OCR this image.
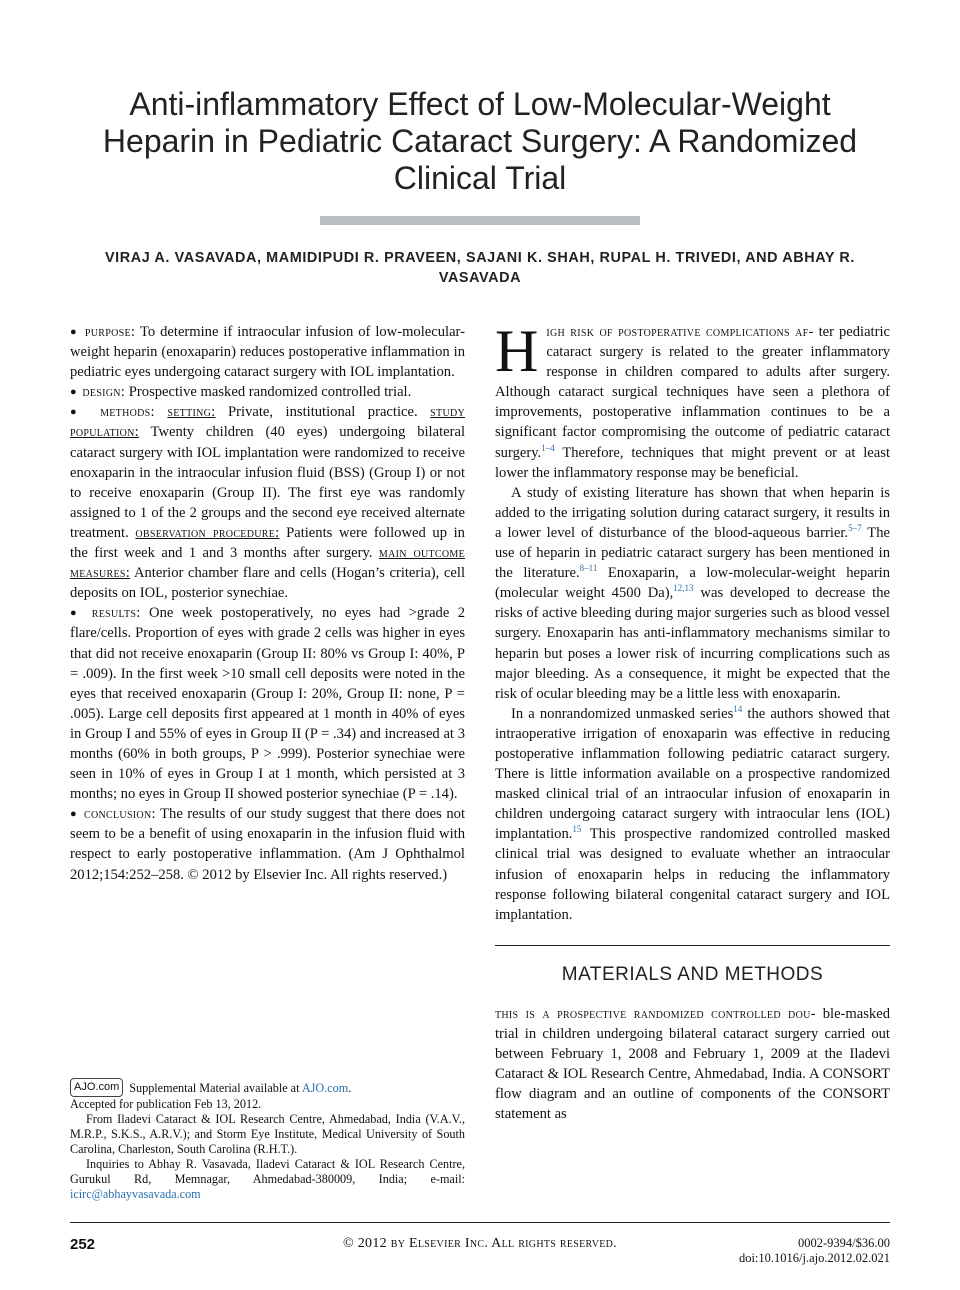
Anti-inflammatory Effect of Low-Molecular-Weight Heparin in Pediatric Cataract Surgery: A Randomized Clinical Trial
VIRAJ A. VASAVADA, MAMIDIPUDI R. PRAVEEN, SAJANI K. SHAH, RUPAL H. TRIVEDI, AND ABHAY R. VASAVADA

● purpose: To determine if intraocular infusion of low-molecular-weight heparin (enoxaparin) reduces postoperative inflammation in pediatric eyes undergoing cataract surgery with IOL implantation.

● design: Prospective masked randomized controlled trial.

● methods: setting: Private, institutional practice. study population: Twenty children (40 eyes) undergoing bilateral cataract surgery with IOL implantation were randomized to receive enoxaparin in the intraocular infusion fluid (BSS) (Group I) or not to receive enoxaparin (Group II). The first eye was randomly assigned to 1 of the 2 groups and the second eye received alternate treatment. observation procedure: Patients were followed up in the first week and 1 and 3 months after surgery. main outcome measures: Anterior chamber flare and cells (Hogan’s criteria), cell deposits on IOL, posterior synechiae.

● results: One week postoperatively, no eyes had >grade 2 flare/cells. Proportion of eyes with grade 2 cells was higher in eyes that did not receive enoxaparin (Group II: 80% vs Group I: 40%, P = .009). In the first week >10 small cell deposits were noted in the eyes that received enoxaparin (Group I: 20%, Group II: none, P = .005). Large cell deposits first appeared at 1 month in 40% of eyes in Group I and 55% of eyes in Group II (P = .34) and increased at 3 months (60% in both groups, P > .999). Posterior synechiae were seen in 10% of eyes in Group I at 1 month, which persisted at 3 months; no eyes in Group II showed posterior synechiae (P = .14).

● conclusion: The results of our study suggest that there does not seem to be a benefit of using enoxaparin in the infusion fluid with respect to early postoperative inflammation. (Am J Ophthalmol 2012;154:252–258. © 2012 by Elsevier Inc. All rights reserved.)

AJO.com Supplemental Material available at AJO.com.

Accepted for publication Feb 13, 2012.

From Iladevi Cataract & IOL Research Centre, Ahmedabad, India (V.A.V., M.R.P., S.K.S., A.R.V.); and Storm Eye Institute, Medical University of South Carolina, Charleston, South Carolina (R.H.T.).

Inquiries to Abhay R. Vasavada, Iladevi Cataract & IOL Research Centre, Gurukul Rd, Memnagar, Ahmedabad-380009, India; e-mail: icirc@abhayvasavada.com

High risk of postoperative complications af- ter pediatric cataract surgery is related to the greater inflammatory response in children compared to adults after surgery. Although cataract surgical techniques have seen a plethora of improvements, postoperative inflammation continues to be a significant factor compromising the outcome of pediatric cataract surgery.$^{1-4}$ Therefore, techniques that might prevent or at least lower the inflammatory response may be beneficial.

A study of existing literature has shown that when heparin is added to the irrigating solution during cataract surgery, it results in a lower level of disturbance of the blood-aqueous barrier.$^{5-7}$ The use of heparin in pediatric cataract surgery has been mentioned in the literature.$^{8-11}$ Enoxaparin, a low-molecular-weight heparin (molecular weight 4500 Da),$^{12,13}$ was developed to decrease the risks of active bleeding during major surgeries such as blood vessel surgery. Enoxaparin has anti-inflammatory mechanisms similar to heparin but poses a lower risk of incurring complications such as major bleeding. As a consequence, it might be expected that the risk of ocular bleeding may be a little less with enoxaparin.

In a nonrandomized unmasked series$^{14}$ the authors showed that intraoperative irrigation of enoxaparin was effective in reducing postoperative inflammation following pediatric cataract surgery. There is little information available on a prospective randomized masked clinical trial of an intraocular infusion of enoxaparin in children undergoing cataract surgery with intraocular lens (IOL) implantation.$^{15}$ This prospective randomized controlled masked clinical trial was designed to evaluate whether an intraocular infusion of enoxaparin helps in reducing the inflammatory response following bilateral congenital cataract surgery and IOL implantation.

MATERIALS AND METHODS

this is a prospective randomized controlled dou- ble-masked trial in children undergoing bilateral cataract surgery carried out between February 1, 2008 and February 1, 2009 at the Iladevi Cataract & IOL Research Centre, Ahmedabad, India. A CONSORT flow diagram and an outline of components of the CONSORT statement as

252	© 2012 by Elsevier Inc. All rights reserved.	0002-9394/$36.00
doi:10.1016/j.ajo.2012.02.021
